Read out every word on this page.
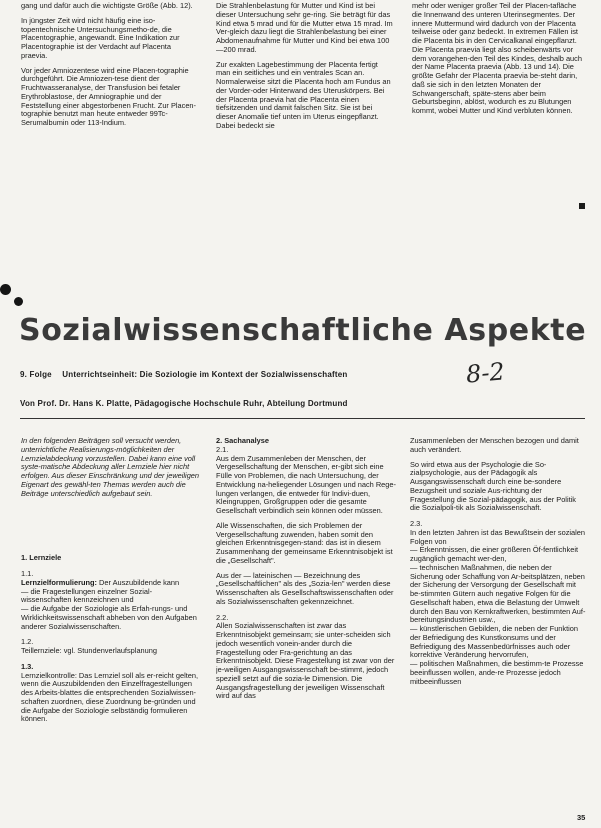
gang und dafür auch die wichtigste Größe (Abb. 12).

In jüngster Zeit wird nicht häufig eine iso-topentechnische Untersuchungsmetho-de, die Placentographie, angewandt. Eine Indikation zur Placentographie ist der Verdacht auf Placenta praevia.

Vor jeder Amniozentese wird eine Placen-tographie durchgeführt. Die Amniozen-tese dient der Fruchtwasseranalyse, der Transfusion bei fetaler Erythroblastose, der Amniographie und der Feststellung einer abgestorbenen Frucht. Zur Placen-tographie benutzt man heute entweder 99Tc-Serumalbumin oder 113-Indium.

Die Strahlenbelastung für Mutter und Kind ist bei dieser Untersuchung sehr ge-ring. Sie beträgt für das Kind etwa 5 mrad und für die Mutter etwa 15 mrad. Im Ver-gleich dazu liegt die Strahlenbelastung bei einer Abdomenaufnahme für Mutter und Kind bei etwa 100—200 mrad.

Zur exakten Lagebestimmung der Placenta fertigt man ein seitliches und ein ventrales Scan an. Normalerweise sitzt die Placenta hoch am Fundus an der Vorder-oder Hinterwand des Uteruskörpers. Bei der Placenta praevia hat die Placenta einen tiefsitzenden und damit falschen Sitz. Sie ist bei dieser Anomalie tief unten im Uterus eingepflanzt. Dabei bedeckt sie

mehr oder weniger großer Teil der Placen-tafläche die Innenwand des unteren Uterinsegmentes. Der innere Muttermund wird dadurch von der Placenta teilweise oder ganz bedeckt. In extremen Fällen ist die Placenta bis in den Cervicalkanal eingepflanzt. Die Placenta praevia liegt also scheibenwärts vor dem vorangehen-den Teil des Kindes, deshalb auch der Name Placenta praevia (Abb. 13 und 14). Die größte Gefahr der Placenta praevia be-steht darin, daß sie sich in den letzten Monaten der Schwangerschaft, späte-stens aber beim Geburtsbeginn, ablöst, wodurch es zu Blutungen kommt, wobei Mutter und Kind verbluten können.

Sozialwissenschaftliche Aspekte
9. Folge Unterrichtseinheit: Die Soziologie im Kontext der Sozialwissenschaften	8-2
Von Prof. Dr. Hans K. Platte, Pädagogische Hochschule Ruhr, Abteilung Dortmund

In den folgenden Beiträgen soll versucht werden, unterrichtliche Realisierungs-möglichkeiten der Lernzielabdeckung vorzustellen. Dabei kann eine voll syste-matische Abdeckung aller Lernziele hier nicht erfolgen. Aus dieser Einschränkung und der jeweiligen Eigenart des gewähl-ten Themas werden auch die Beiträge unterschiedlich aufgebaut sein.

1. Lernziele

1.1.

Lernzielformulierung: Der Auszubildende kann

— die Fragestellungen einzelner Sozial-wissenschaften kennzeichnen und

— die Aufgabe der Soziologie als Erfah-rungs- und Wirklichkeitswissenschaft abheben von den Aufgaben anderer Sozialwissenschaften.

1.2.

Teillernziele: vgl. Stundenverlaufsplanung

1.3.

Lernzielkontrolle: Das Lernziel soll als er-reicht gelten, wenn die Auszubildenden den Einzelfragestellungen des Arbeits-blattes die entsprechenden Sozialwissen-schaften zuordnen, diese Zuordnung be-gründen und die Aufgabe der Soziologie selbständig formulieren können.

2. Sachanalyse

2.1.

Aus dem Zusammenleben der Menschen, der Vergesellschaftung der Menschen, er-gibt sich eine Fülle von Problemen, die nach Untersuchung, der Entwicklung na-heliegender Lösungen und nach Rege-lungen verlangen, die entweder für Indivi-duen, Kleingruppen, Großgruppen oder die gesamte Gesellschaft verbindlich sein können oder müssen.

Alle Wissenschaften, die sich Problemen der Vergesellschaftung zuwenden, haben somit den gleichen Erkenntnisgegen-stand: das ist in diesem Zusammenhang der gemeinsame Erkenntnisobjekt ist die „Gesellschaft".

Aus der — lateinischen — Bezeichnung des „Gesellschaftlichen" als des „Sozia-len" werden diese Wissenschaften als Gesellschaftswissenschaften oder als Sozialwissenschaften gekennzeichnet.

2.2.

Allen Sozialwissenschaften ist zwar das Erkenntnisobjekt gemeinsam; sie unter-scheiden sich jedoch wesentlich vonein-ander durch die Fragestellung oder Fra-gerichtung an das Erkenntnisobjekt. Diese Fragestellung ist zwar von der je-weiligen Ausgangswissenschaft be-stimmt, jedoch speziell setzt auf die sozia-le Dimension. Die Ausgangsfragestellung der jeweiligen Wissenschaft wird auf das

Zusammenleben der Menschen bezogen und damit auch verändert.

So wird etwa aus der Psychologie die So-zialpsychologie, aus der Pädagogik als Ausgangswissenschaft durch eine be-sondere Bezugsheit und soziale Aus-richtung der Fragestellung die Sozial-pädagogik, aus der Politik die Sozialpoli-tik als Sozialwissenschaft.

2.3.

In den letzten Jahren ist das Bewußtsein der sozialen Folgen von

— Erkenntnissen, die einer größeren Öf-fentlichkeit zugänglich gemacht wer-den,

— technischen Maßnahmen, die neben der Sicherung oder Schaffung von Ar-beitsplätzen, neben der Sicherung der Versorgung der Gesellschaft mit be-stimmten Gütern auch negative Folgen für die Gesellschaft haben, etwa die Belastung der Umwelt durch den Bau von Kernkraftwerken, bestimmten Auf-bereitungsindustrien usw.,

— künstlerischen Gebilden, die neben der Funktion der Befriedigung des Kunstkonsums und der Befriedigung des Massenbedürfnisses auch oder korrektive Veränderung hervorrufen,

— politischen Maßnahmen, die bestimm-te Prozesse beeinflussen wollen, ande-re Prozesse jedoch mitbeeinflussen

35
